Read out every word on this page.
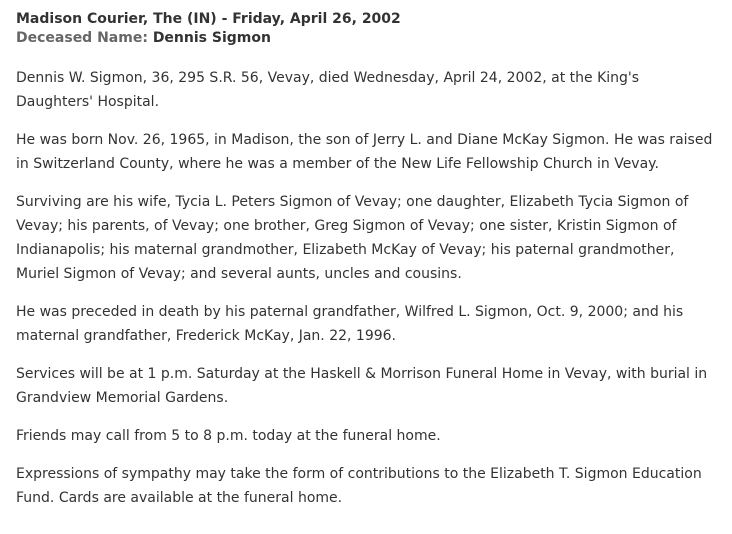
Madison Courier, The (IN) - Friday, April 26, 2002
Deceased Name: Dennis Sigmon

Dennis W. Sigmon, 36, 295 S.R. 56, Vevay, died Wednesday, April 24, 2002, at the King's Daughters' Hospital.

He was born Nov. 26, 1965, in Madison, the son of Jerry L. and Diane McKay Sigmon. He was raised in Switzerland County, where he was a member of the New Life Fellowship Church in Vevay.

Surviving are his wife, Tycia L. Peters Sigmon of Vevay; one daughter, Elizabeth Tycia Sigmon of Vevay; his parents, of Vevay; one brother, Greg Sigmon of Vevay; one sister, Kristin Sigmon of Indianapolis; his maternal grandmother, Elizabeth McKay of Vevay; his paternal grandmother, Muriel Sigmon of Vevay; and several aunts, uncles and cousins.

He was preceded in death by his paternal grandfather, Wilfred L. Sigmon, Oct. 9, 2000; and his maternal grandfather, Frederick McKay, Jan. 22, 1996.

Services will be at 1 p.m. Saturday at the Haskell & Morrison Funeral Home in Vevay, with burial in Grandview Memorial Gardens.

Friends may call from 5 to 8 p.m. today at the funeral home.

Expressions of sympathy may take the form of contributions to the Elizabeth T. Sigmon Education Fund. Cards are available at the funeral home.
